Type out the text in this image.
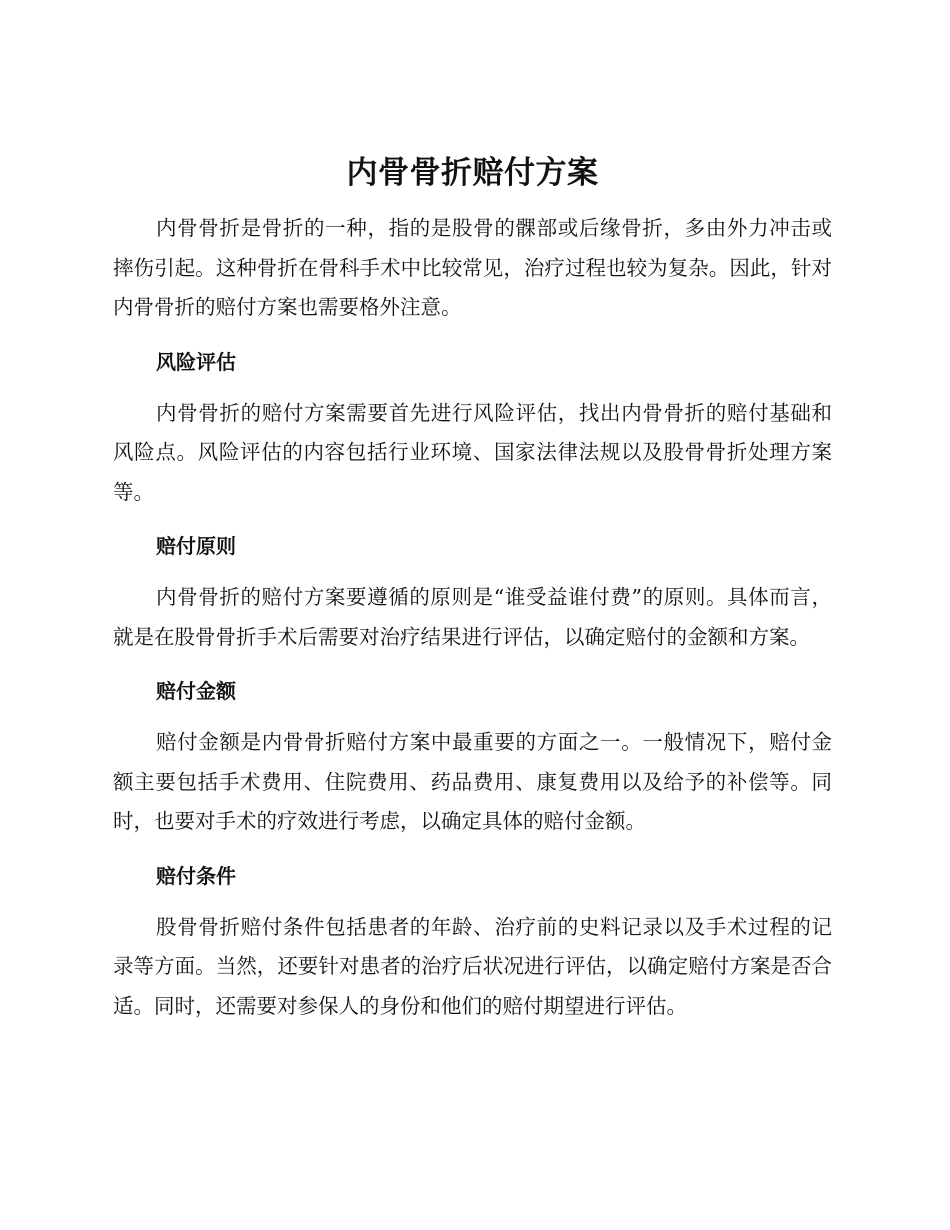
内骨骨折赔付方案

内骨骨折是骨折的一种，指的是股骨的髁部或后缘骨折，多由外力冲击或摔伤引起。这种骨折在骨科手术中比较常见，治疗过程也较为复杂。因此，针对内骨骨折的赔付方案也需要格外注意。

风险评估

内骨骨折的赔付方案需要首先进行风险评估，找出内骨骨折的赔付基础和风险点。风险评估的内容包括行业环境、国家法律法规以及股骨骨折处理方案等。

赔付原则

内骨骨折的赔付方案要遵循的原则是“谁受益谁付费”的原则。具体而言，就是在股骨骨折手术后需要对治疗结果进行评估，以确定赔付的金额和方案。

赔付金额

赔付金额是内骨骨折赔付方案中最重要的方面之一。一般情况下，赔付金额主要包括手术费用、住院费用、药品费用、康复费用以及给予的补偿等。同时，也要对手术的疗效进行考虑，以确定具体的赔付金额。

赔付条件

股骨骨折赔付条件包括患者的年龄、治疗前的史料记录以及手术过程的记录等方面。当然，还要针对患者的治疗后状况进行评估，以确定赔付方案是否合适。同时，还需要对参保人的身份和他们的赔付期望进行评估。
